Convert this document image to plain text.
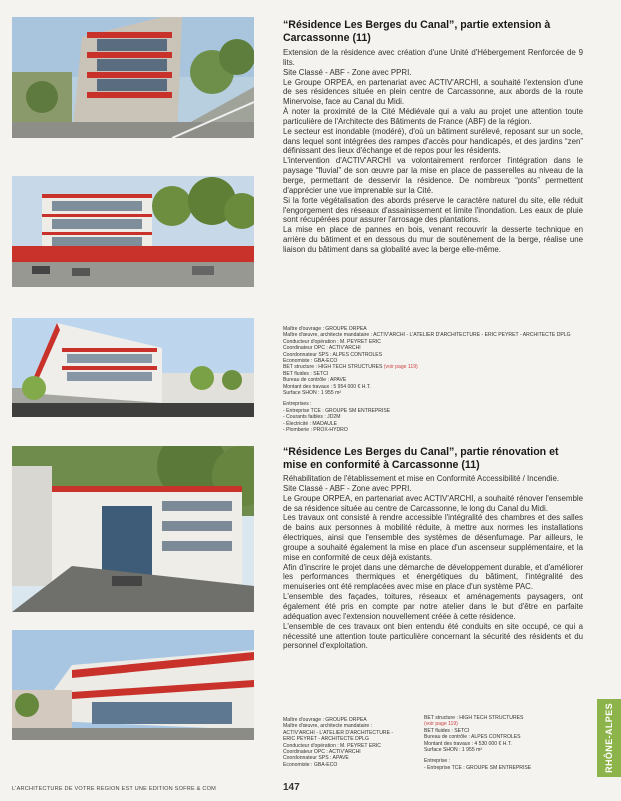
“Résidence Les Berges du Canal”, partie extension à Carcassonne (11)

Extension de la résidence avec création d'une Unité d'Hébergement Renforcée de 9 lits.

Site Classé - ABF - Zone avec PPRI.

Le Groupe ORPEA, en partenariat avec ACTIV'ARCHI, a souhaité l'extension d'une de ses résidences située en plein centre de Carcassonne, aux abords de la route Minervoise, face au Canal du Midi.

À noter la proximité de la Cité Médiévale qui a valu au projet une attention toute particulière de l'Architecte des Bâtiments de France (ABF) de la région.

Le secteur est inondable (modéré), d'où un bâtiment surélevé, reposant sur un socle, dans lequel sont intégrées des rampes d'accès pour handicapés, et des jardins “zen” définissant des lieux d'échange et de repos pour les résidents.

L'intervention d'ACTIV'ARCHI va volontairement renforcer l'intégration dans le paysage “fluvial” de son œuvre par la mise en place de passerelles au niveau de la berge, permettant de desservir la résidence. De nombreux “ponts” permettent d'apprécier une vue imprenable sur la Cité.

Si la forte végétalisation des abords préserve le caractère naturel du site, elle réduit l'engorgement des réseaux d'assainissement et limite l'inondation. Les eaux de pluie sont récupérées pour assurer l'arrosage des plantations.

La mise en place de pannes en bois, venant recouvrir la desserte technique en arrière du bâtiment et en dessous du mur de soutènement de la berge, réalise une liaison du bâtiment dans sa globalité avec la berge elle-même.

Maître d'ouvrage : GROUPE ORPEA
Maître d'œuvre, architecte mandataire : ACTIV'ARCHI - L'ATELIER D'ARCHITECTURE - ERIC PEYRET - ARCHITECTE DPLG
Conducteur d'opération : M. PEYRET ERIC
Coordinateur OPC : ACTIV'ARCHI
Coordonnateur SPS : ALPES CONTROLES
Economiste : GBA-ECO
BET structure : HIGH TECH STRUCTURES (voir page 119)
BET fluides : SETCI
Bureau de contrôle : APAVE
Montant des travaux : 5 954 000 € H.T.
Surface SHON : 1 955 m²
Entreprises :
- Entreprise TCE : GROUPE SM ENTREPRISE
- Courants faibles : JD2M
- Électricité : MADAULE
- Plomberie : PROX-HYDRO
“Résidence Les Berges du Canal”, partie rénovation et mise en conformité à Carcassonne (11)

Réhabilitation de l'établissement et mise en Conformité Accessibilité / Incendie.

Site Classé - ABF - Zone avec PPRI.

Le Groupe ORPEA, en partenariat avec ACTIV'ARCHI, a souhaité rénover l'ensemble de sa résidence située au centre de Carcassonne, le long du Canal du Midi.

Les travaux ont consisté à rendre accessible l'intégralité des chambres et des salles de bains aux personnes à mobilité réduite, à mettre aux normes les installations électriques, ainsi que l'ensemble des systèmes de désenfumage. Par ailleurs, le groupe a souhaité également la mise en place d'un ascenseur supplémentaire, et la mise en conformité de ceux déjà existants.

Afin d'inscrire le projet dans une démarche de développement durable, et d'améliorer les performances thermiques et énergétiques du bâtiment, l'intégralité des menuiseries ont été remplacées avec mise en place d'un système PAC.

L'ensemble des façades, toitures, réseaux et aménagements paysagers, ont également été pris en compte par notre atelier dans le but d'être en parfaite adéquation avec l'extension nouvellement créée à cette résidence.

L'ensemble de ces travaux ont bien entendu été conduits en site occupé, ce qui a nécessité une attention toute particulière concernant la sécurité des résidents et du personnel d'exploitation.

Maître d'ouvrage : GROUPE ORPEA
Maître d'œuvre, architecte mandataire :
ACTIV'ARCHI - L'ATELIER D'ARCHITECTURE -
ERIC PEYRET - ARCHITECTE DPLG
Conducteur d'opération : M. PEYRET ERIC
Coordinateur OPC : ACTIV'ARCHI
Coordonnateur SPS : APAVE
Economiste : GBA-ECO
BET structure : HIGH TECH STRUCTURES
(voir page 119)
BET fluides : SETCI
Bureau de contrôle : ALPES CONTROLES
Montant des travaux : 4 530 000 € H.T.
Surface SHON : 1 955 m²
Entreprise :
- Entreprise TCE : GROUPE SM ENTREPRISE	RHÔNE-ALPES
L'ARCHITECTURE DE VOTRE REGION EST UNE EDITION SOFRE & COM	147
